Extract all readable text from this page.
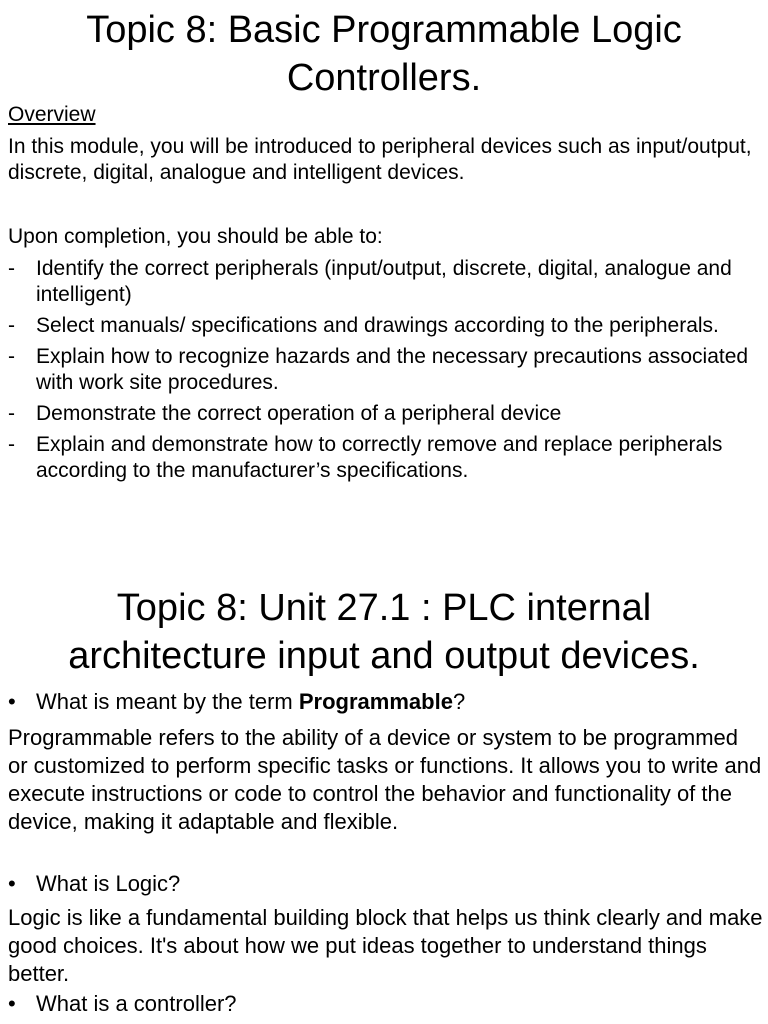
Topic 8: Basic Programmable Logic
Controllers.
Overview

In this module, you will be introduced to peripheral devices such as input/output, discrete, digital, analogue and intelligent devices.

Upon completion, you should be able to:

- Identify the correct peripherals (input/output, discrete, digital, analogue and intelligent)
- Select manuals/ specifications and drawings according to the peripherals.
- Explain how to recognize hazards and the necessary precautions associated with work site procedures.
- Demonstrate the correct operation of a peripheral device
- Explain and demonstrate how to correctly remove and replace peripherals according to the manufacturer’s specifications.
Topic 8: Unit 27.1 : PLC internal
architecture input and output devices.
• What is meant by the term Programmable?

Programmable refers to the ability of a device or system to be programmed or customized to perform specific tasks or functions. It allows you to write and execute instructions or code to control the behavior and functionality of the device, making it adaptable and flexible.

• What is Logic?

Logic is like a fundamental building block that helps us think clearly and make good choices. It's about how we put ideas together to understand things better.

• What is a controller?
